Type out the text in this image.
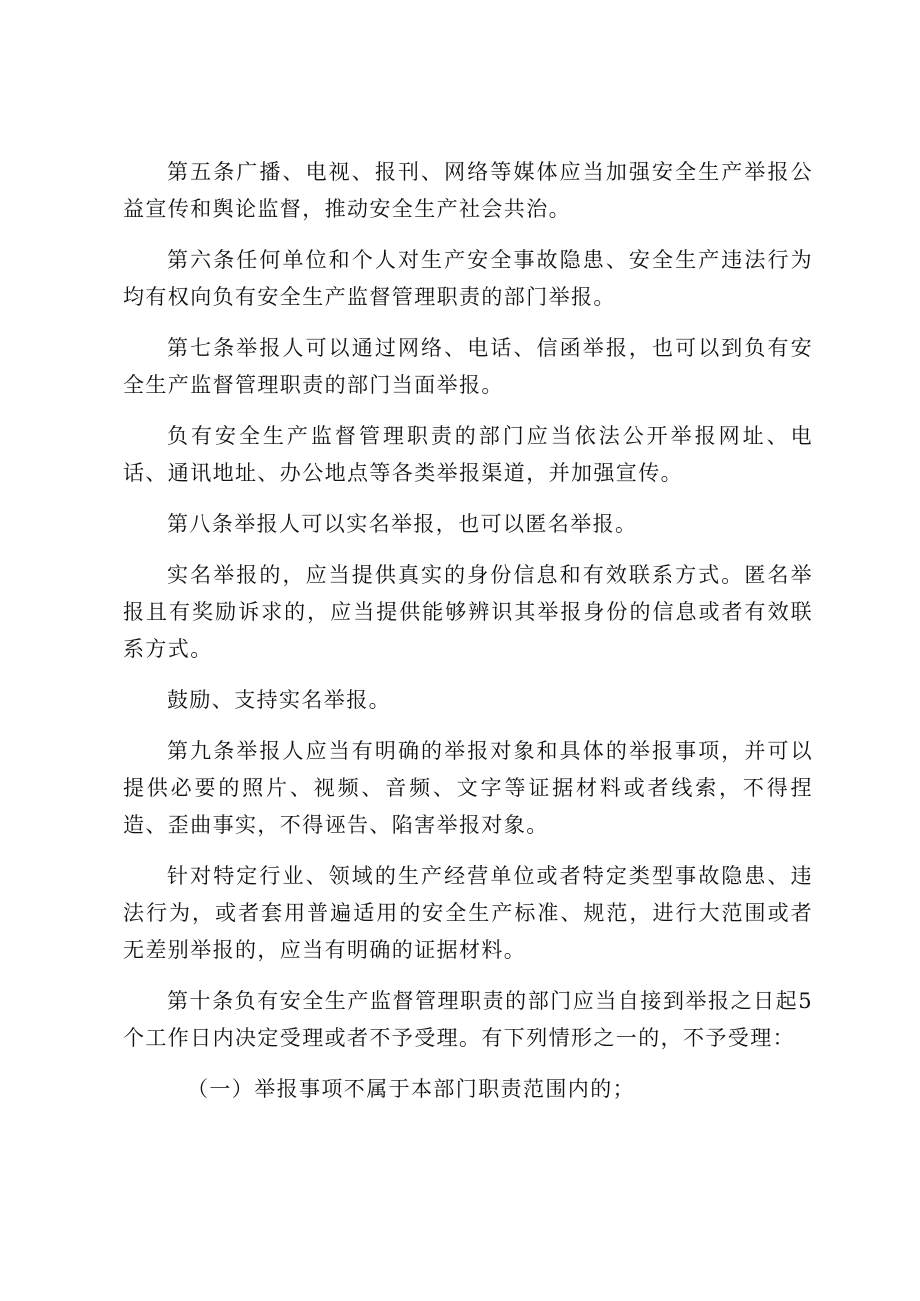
第五条广播、电视、报刊、网络等媒体应当加强安全生产举报公益宣传和舆论监督，推动安全生产社会共治。

第六条任何单位和个人对生产安全事故隐患、安全生产违法行为均有权向负有安全生产监督管理职责的部门举报。

第七条举报人可以通过网络、电话、信函举报，也可以到负有安全生产监督管理职责的部门当面举报。

负有安全生产监督管理职责的部门应当依法公开举报网址、电话、通讯地址、办公地点等各类举报渠道，并加强宣传。

第八条举报人可以实名举报，也可以匿名举报。

实名举报的，应当提供真实的身份信息和有效联系方式。匿名举报且有奖励诉求的，应当提供能够辨识其举报身份的信息或者有效联系方式。

鼓励、支持实名举报。

第九条举报人应当有明确的举报对象和具体的举报事项，并可以提供必要的照片、视频、音频、文字等证据材料或者线索，不得捏造、歪曲事实，不得诬告、陷害举报对象。

针对特定行业、领域的生产经营单位或者特定类型事故隐患、违法行为，或者套用普遍适用的安全生产标准、规范，进行大范围或者无差别举报的，应当有明确的证据材料。

第十条负有安全生产监督管理职责的部门应当自接到举报之日起5个工作日内决定受理或者不予受理。有下列情形之一的，不予受理：

（一）举报事项不属于本部门职责范围内的；
